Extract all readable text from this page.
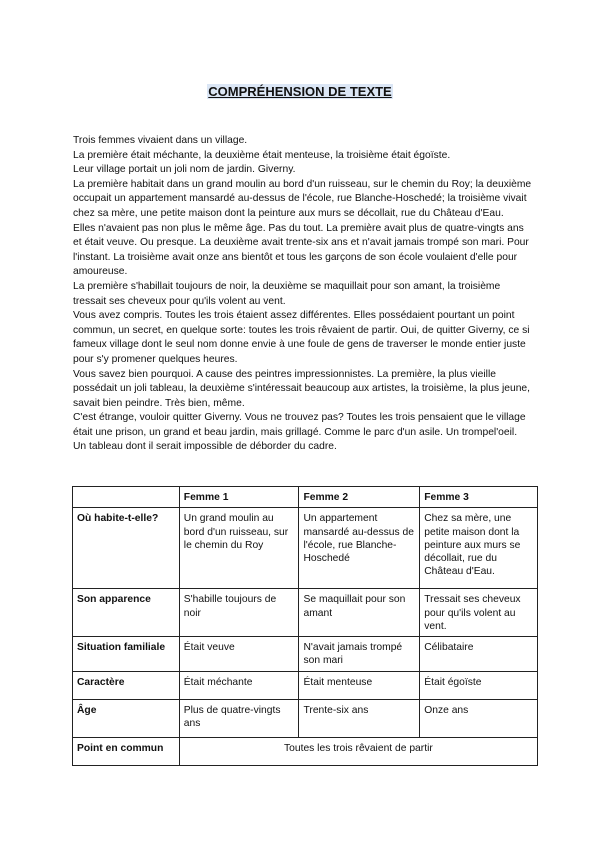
COMPRÉHENSION DE TEXTE

Trois femmes vivaient dans un village.

La première était méchante, la deuxième était menteuse, la troisième était égoïste.

Leur village portait un joli nom de jardin. Giverny.

La première habitait dans un grand moulin au bord d'un ruisseau, sur le chemin du Roy; la deuxième occupait un appartement mansardé au-dessus de l'école, rue Blanche-Hoschedé; la troisième vivait chez sa mère, une petite maison dont la peinture aux murs se décollait, rue du Château d'Eau.

Elles n'avaient pas non plus le même âge. Pas du tout. La première avait plus de quatre-vingts ans et était veuve. Ou presque. La deuxième avait trente-six ans et n'avait jamais trompé son mari. Pour l'instant. La troisième avait onze ans bientôt et tous les garçons de son école voulaient d'elle pour amoureuse.

La première s'habillait toujours de noir, la deuxième se maquillait pour son amant, la troisième tressait ses cheveux pour qu'ils volent au vent.

Vous avez compris. Toutes les trois étaient assez différentes. Elles possédaient pourtant un point commun, un secret, en quelque sorte: toutes les trois rêvaient de partir. Oui, de quitter Giverny, ce si fameux village dont le seul nom donne envie à une foule de gens de traverser le monde entier juste pour s'y promener quelques heures.

Vous savez bien pourquoi. A cause des peintres impressionnistes. La première, la plus vieille possédait un joli tableau, la deuxième s'intéressait beaucoup aux artistes, la troisième, la plus jeune, savait bien peindre. Très bien, même.

C'est étrange, vouloir quitter Giverny. Vous ne trouvez pas? Toutes les trois pensaient que le village était une prison, un grand et beau jardin, mais grillagé. Comme le parc d'un asile. Un trompel'oeil. Un tableau dont il serait impossible de déborder du cadre.

	Femme 1	Femme 2	Femme 3
Où habite-t-elle?	Un grand moulin au bord d'un ruisseau, sur le chemin du Roy	Un appartement mansardé au-dessus de l'école, rue Blanche-Hoschedé	Chez sa mère, une petite maison dont la peinture aux murs se décollait, rue du Château d'Eau.
Son apparence	S'habille toujours de noir	Se maquillait pour son amant	Tressait ses cheveux pour qu'ils volent au vent.
Situation familiale	Était veuve	N'avait jamais trompé son mari	Célibataire
Caractère	Était méchante	Était menteuse	Était égoïste
Âge	Plus de quatre-vingts ans	Trente-six ans	Onze ans
Point en commun	Toutes les trois rêvaient de partir		
